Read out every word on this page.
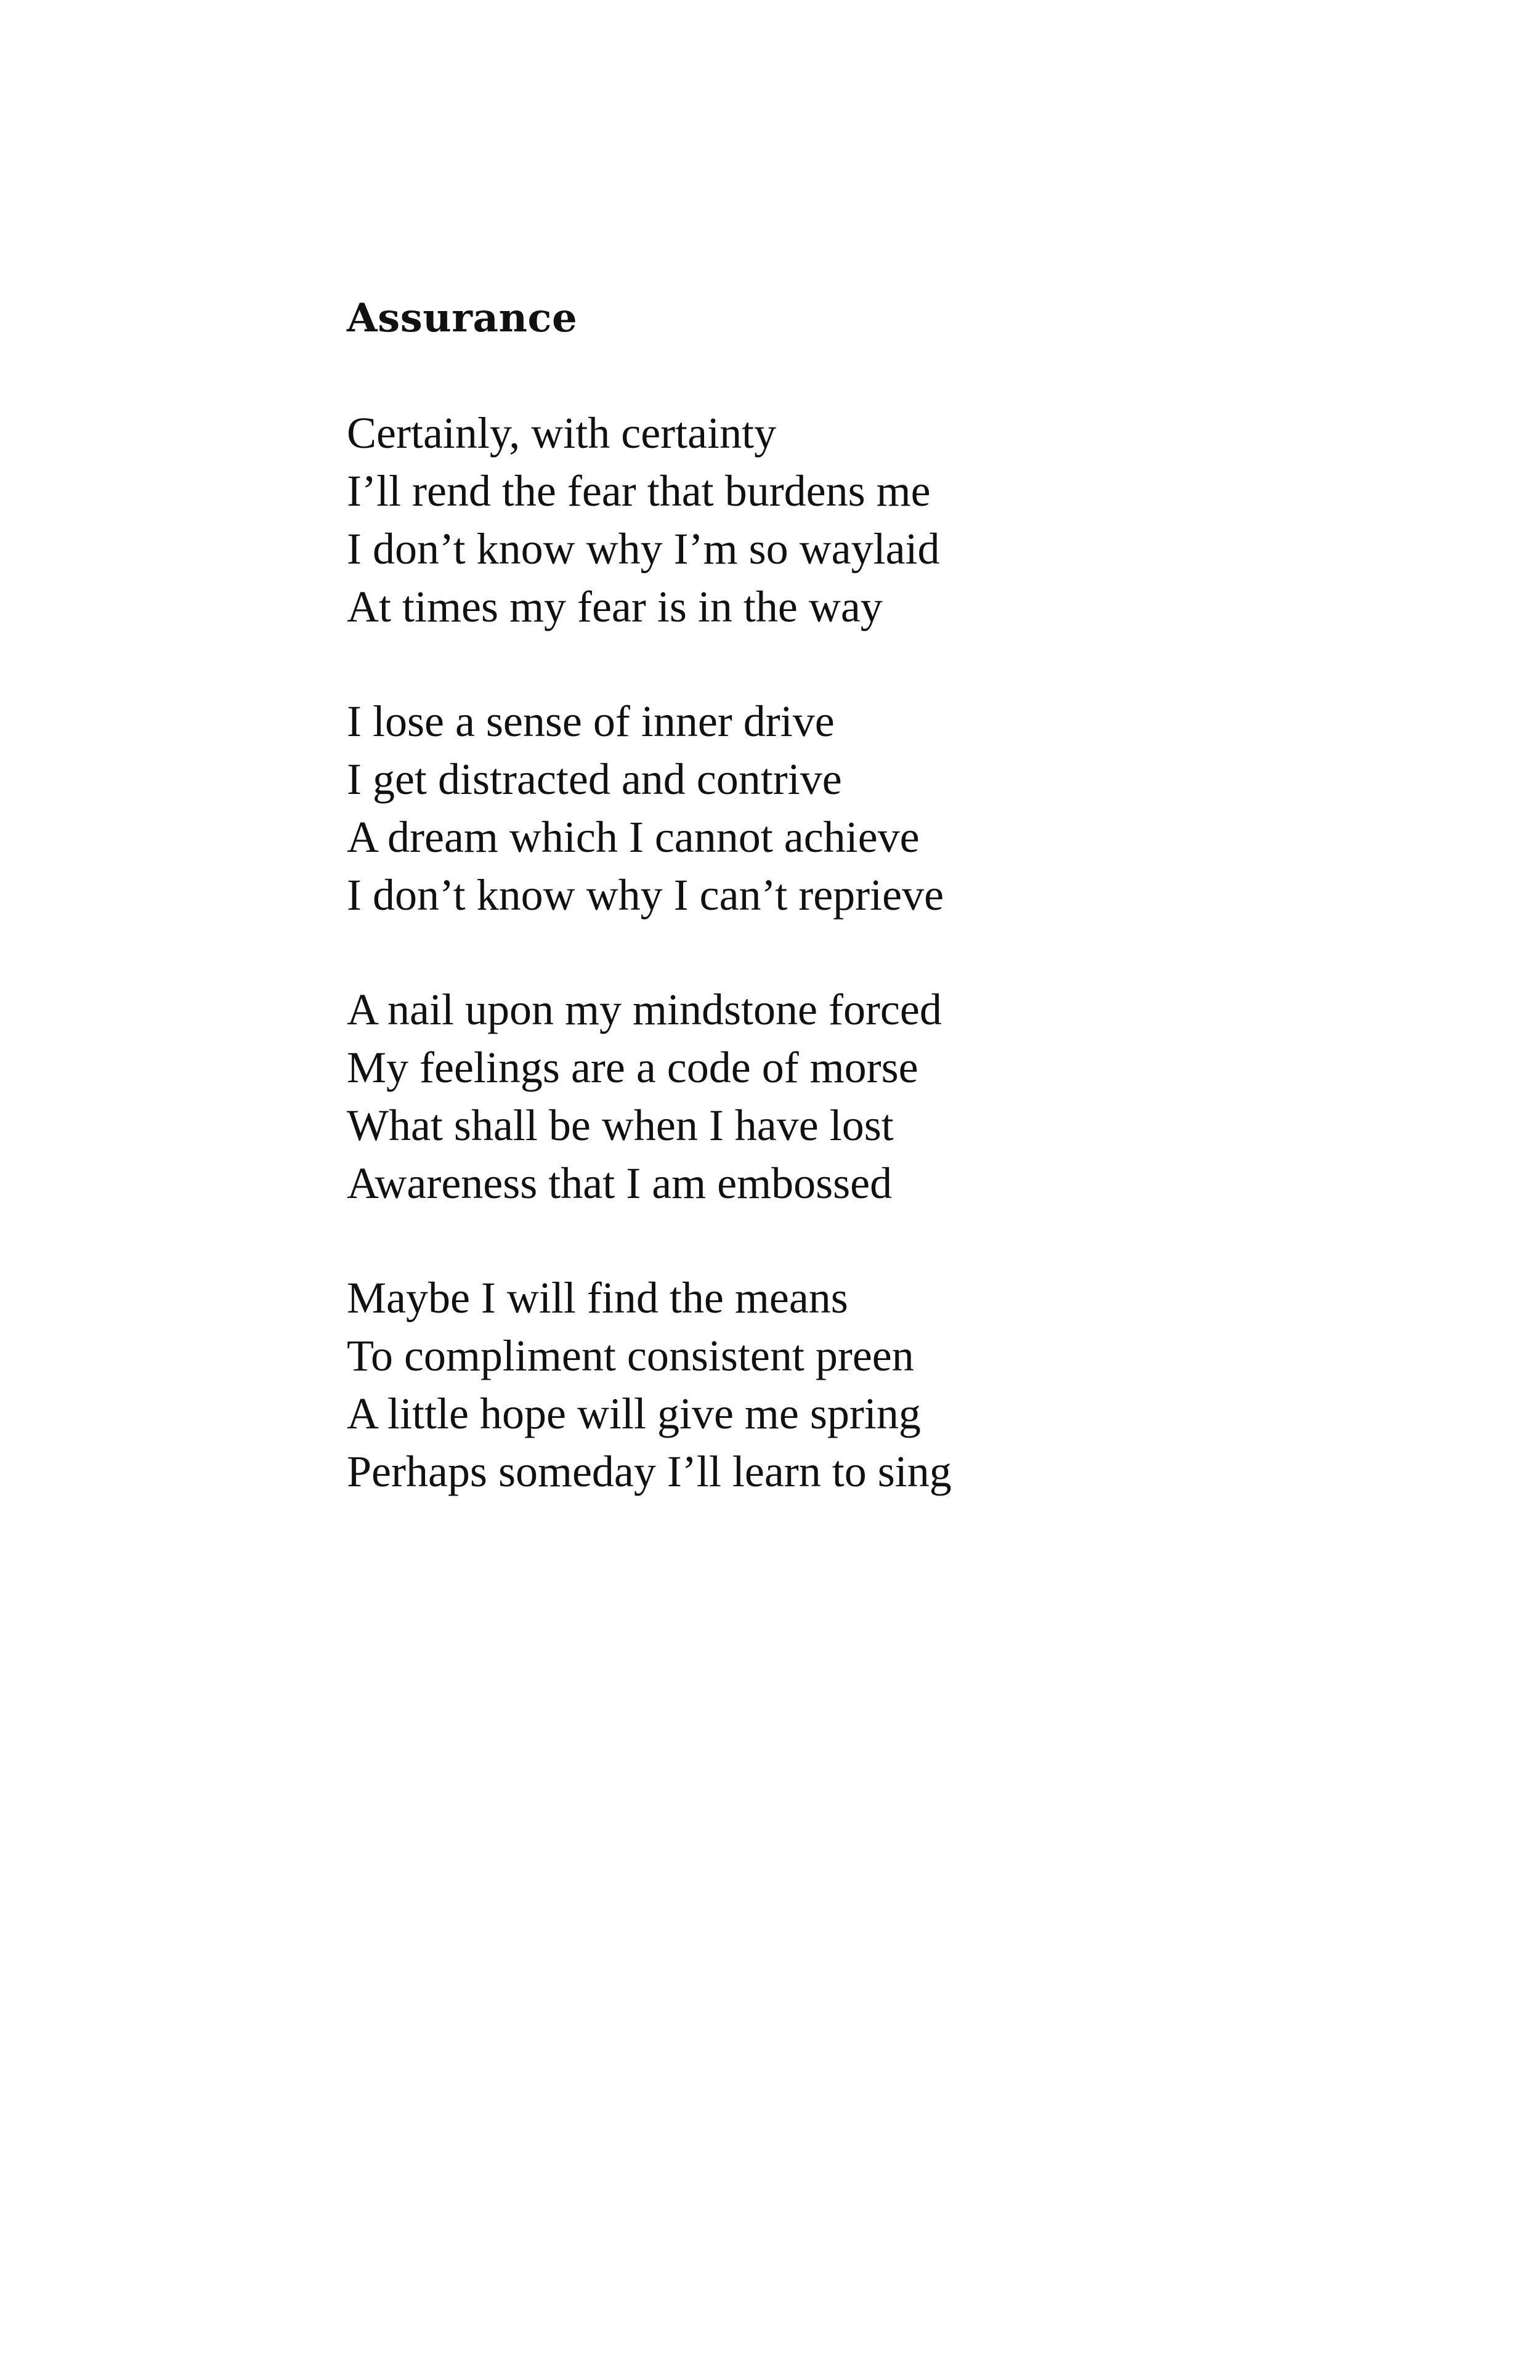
Assurance
Certainly, with certainty
I’ll rend the fear that burdens me
I don’t know why I’m so waylaid
At times my fear is in the way
I lose a sense of inner drive
I get distracted and contrive
A dream which I cannot achieve
I don’t know why I can’t reprieve
A nail upon my mindstone forced
My feelings are a code of morse
What shall be when I have lost
Awareness that I am embossed
Maybe I will find the means
To compliment consistent preen
A little hope will give me spring
Perhaps someday I’ll learn to sing
